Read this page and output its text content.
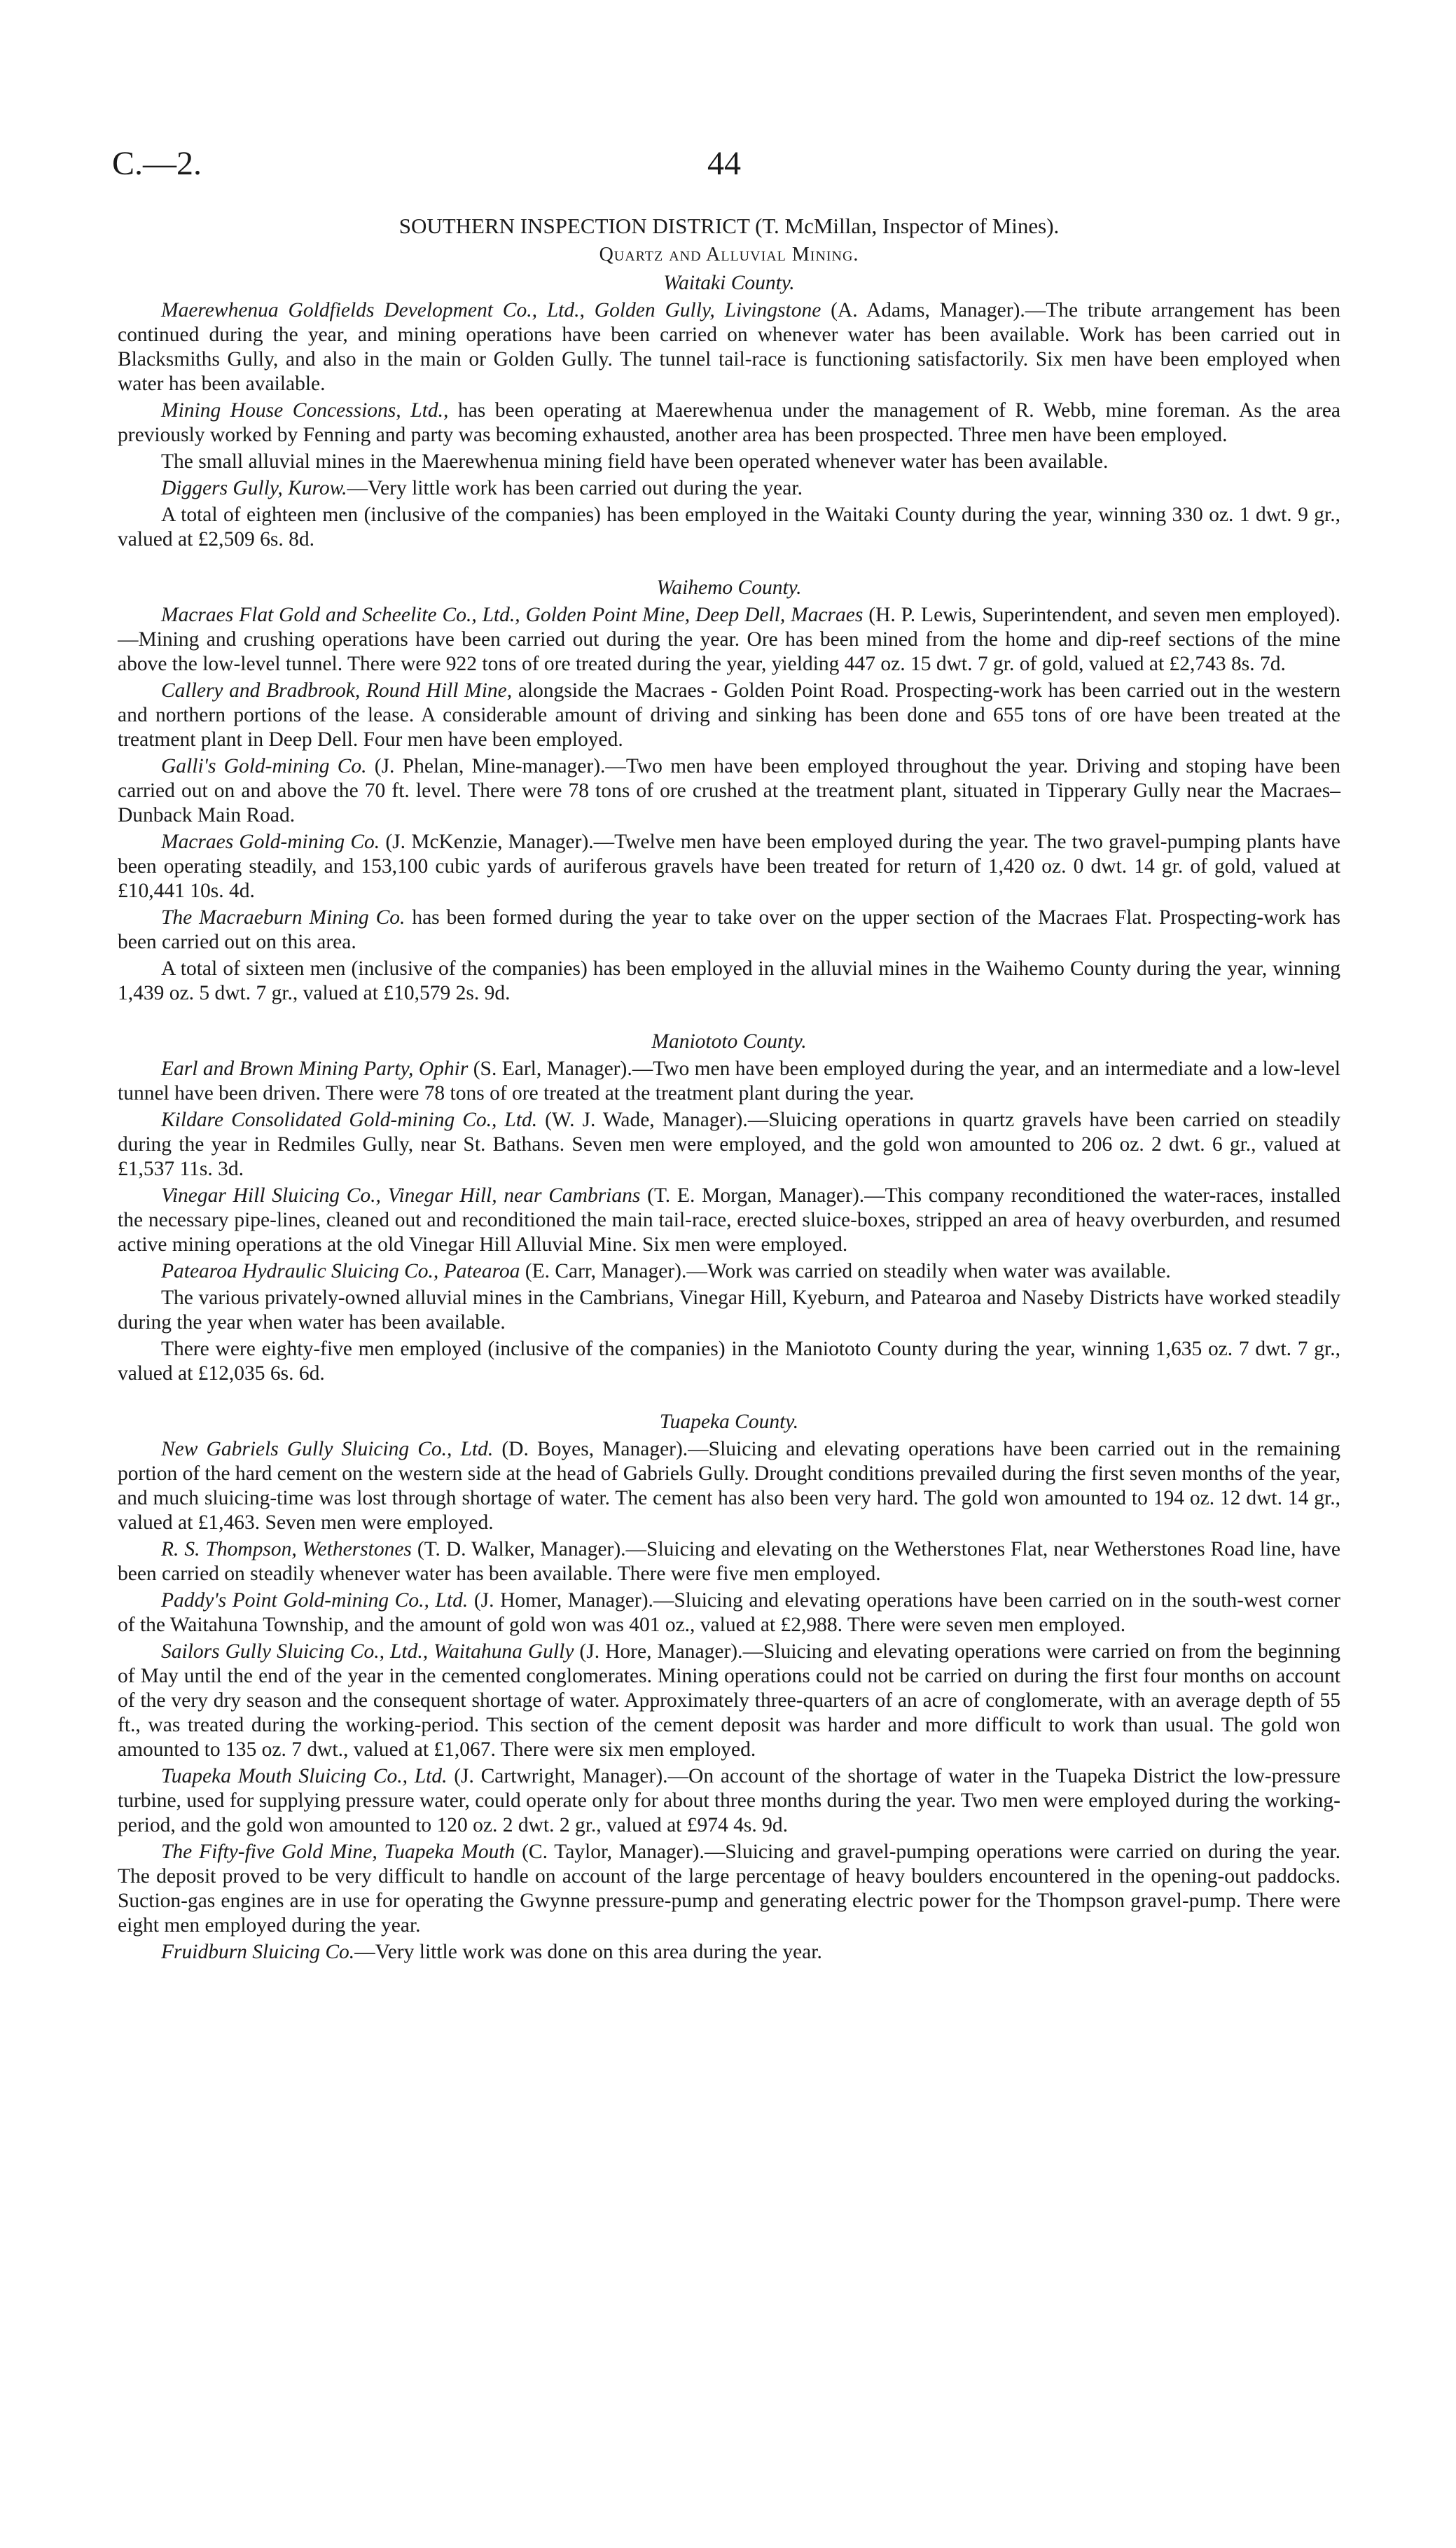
C.—2.	44
SOUTHERN INSPECTION DISTRICT (T. McMillan, Inspector of Mines).
Quartz and Alluvial Mining.
Waitaki County.

Maerewhenua Goldfields Development Co., Ltd., Golden Gully, Livingstone (A. Adams, Manager).—The tribute arrangement has been continued during the year, and mining operations have been carried on whenever water has been available. Work has been carried out in Blacksmiths Gully, and also in the main or Golden Gully. The tunnel tail-race is functioning satisfactorily. Six men have been employed when water has been available.

Mining House Concessions, Ltd., has been operating at Maerewhenua under the management of R. Webb, mine foreman. As the area previously worked by Fenning and party was becoming exhausted, another area has been prospected. Three men have been employed.

The small alluvial mines in the Maerewhenua mining field have been operated whenever water has been available.

Diggers Gully, Kurow.—Very little work has been carried out during the year.

A total of eighteen men (inclusive of the companies) has been employed in the Waitaki County during the year, winning 330 oz. 1 dwt. 9 gr., valued at £2,509 6s. 8d.

Waihemo County.

Macraes Flat Gold and Scheelite Co., Ltd., Golden Point Mine, Deep Dell, Macraes (H. P. Lewis, Superintendent, and seven men employed).—Mining and crushing operations have been carried out during the year. Ore has been mined from the home and dip-reef sections of the mine above the low-level tunnel. There were 922 tons of ore treated during the year, yielding 447 oz. 15 dwt. 7 gr. of gold, valued at £2,743 8s. 7d.

Callery and Bradbrook, Round Hill Mine, alongside the Macraes - Golden Point Road. Prospecting-work has been carried out in the western and northern portions of the lease. A considerable amount of driving and sinking has been done and 655 tons of ore have been treated at the treatment plant in Deep Dell. Four men have been employed.

Galli's Gold-mining Co. (J. Phelan, Mine-manager).—Two men have been employed throughout the year. Driving and stoping have been carried out on and above the 70 ft. level. There were 78 tons of ore crushed at the treatment plant, situated in Tipperary Gully near the Macraes–Dunback Main Road.

Macraes Gold-mining Co. (J. McKenzie, Manager).—Twelve men have been employed during the year. The two gravel-pumping plants have been operating steadily, and 153,100 cubic yards of auriferous gravels have been treated for return of 1,420 oz. 0 dwt. 14 gr. of gold, valued at £10,441 10s. 4d.

The Macraeburn Mining Co. has been formed during the year to take over on the upper section of the Macraes Flat. Prospecting-work has been carried out on this area.

A total of sixteen men (inclusive of the companies) has been employed in the alluvial mines in the Waihemo County during the year, winning 1,439 oz. 5 dwt. 7 gr., valued at £10,579 2s. 9d.

Maniototo County.

Earl and Brown Mining Party, Ophir (S. Earl, Manager).—Two men have been employed during the year, and an intermediate and a low-level tunnel have been driven. There were 78 tons of ore treated at the treatment plant during the year.

Kildare Consolidated Gold-mining Co., Ltd. (W. J. Wade, Manager).—Sluicing operations in quartz gravels have been carried on steadily during the year in Redmiles Gully, near St. Bathans. Seven men were employed, and the gold won amounted to 206 oz. 2 dwt. 6 gr., valued at £1,537 11s. 3d.

Vinegar Hill Sluicing Co., Vinegar Hill, near Cambrians (T. E. Morgan, Manager).—This company reconditioned the water-races, installed the necessary pipe-lines, cleaned out and reconditioned the main tail-race, erected sluice-boxes, stripped an area of heavy overburden, and resumed active mining operations at the old Vinegar Hill Alluvial Mine. Six men were employed.

Patearoa Hydraulic Sluicing Co., Patearoa (E. Carr, Manager).—Work was carried on steadily when water was available.

The various privately-owned alluvial mines in the Cambrians, Vinegar Hill, Kyeburn, and Patearoa and Naseby Districts have worked steadily during the year when water has been available.

There were eighty-five men employed (inclusive of the companies) in the Maniototo County during the year, winning 1,635 oz. 7 dwt. 7 gr., valued at £12,035 6s. 6d.

Tuapeka County.

New Gabriels Gully Sluicing Co., Ltd. (D. Boyes, Manager).—Sluicing and elevating operations have been carried out in the remaining portion of the hard cement on the western side at the head of Gabriels Gully. Drought conditions prevailed during the first seven months of the year, and much sluicing-time was lost through shortage of water. The cement has also been very hard. The gold won amounted to 194 oz. 12 dwt. 14 gr., valued at £1,463. Seven men were employed.

R. S. Thompson, Wetherstones (T. D. Walker, Manager).—Sluicing and elevating on the Wetherstones Flat, near Wetherstones Road line, have been carried on steadily whenever water has been available. There were five men employed.

Paddy's Point Gold-mining Co., Ltd. (J. Homer, Manager).—Sluicing and elevating operations have been carried on in the south-west corner of the Waitahuna Township, and the amount of gold won was 401 oz., valued at £2,988. There were seven men employed.

Sailors Gully Sluicing Co., Ltd., Waitahuna Gully (J. Hore, Manager).—Sluicing and elevating operations were carried on from the beginning of May until the end of the year in the cemented conglomerates. Mining operations could not be carried on during the first four months on account of the very dry season and the consequent shortage of water. Approximately three-quarters of an acre of conglomerate, with an average depth of 55 ft., was treated during the working-period. This section of the cement deposit was harder and more difficult to work than usual. The gold won amounted to 135 oz. 7 dwt., valued at £1,067. There were six men employed.

Tuapeka Mouth Sluicing Co., Ltd. (J. Cartwright, Manager).—On account of the shortage of water in the Tuapeka District the low-pressure turbine, used for supplying pressure water, could operate only for about three months during the year. Two men were employed during the working-period, and the gold won amounted to 120 oz. 2 dwt. 2 gr., valued at £974 4s. 9d.

The Fifty-five Gold Mine, Tuapeka Mouth (C. Taylor, Manager).—Sluicing and gravel-pumping operations were carried on during the year. The deposit proved to be very difficult to handle on account of the large percentage of heavy boulders encountered in the opening-out paddocks. Suction-gas engines are in use for operating the Gwynne pressure-pump and generating electric power for the Thompson gravel-pump. There were eight men employed during the year.

Fruidburn Sluicing Co.—Very little work was done on this area during the year.
